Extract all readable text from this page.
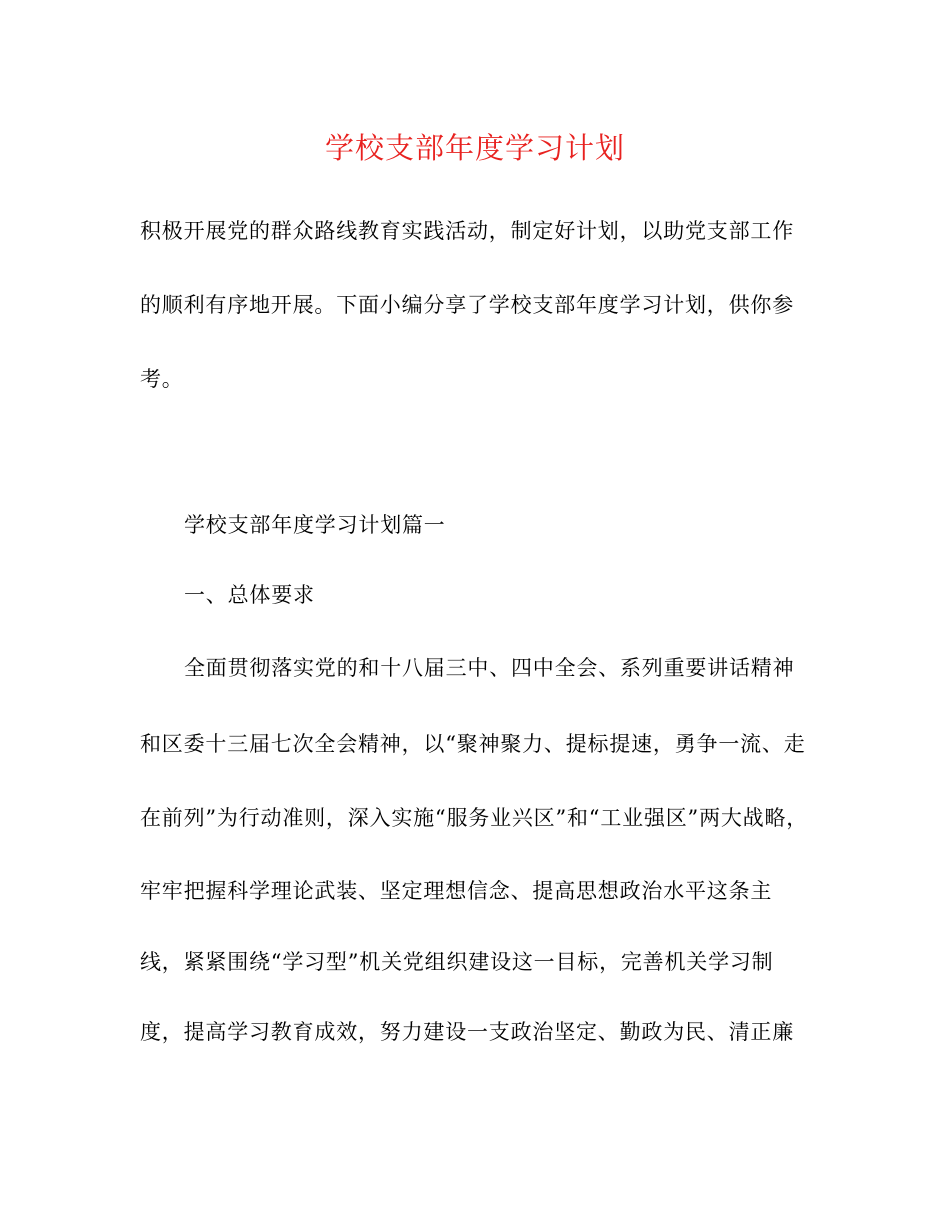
学校支部年度学习计划
积极开展党的群众路线教育实践活动，制定好计划，以助党支部工作
的顺利有序地开展。下面小编分享了学校支部年度学习计划，供你参
考。
学校支部年度学习计划篇一
一、总体要求
全面贯彻落实党的和十八届三中、四中全会、系列重要讲话精神
和区委十三届七次全会精神，以“聚神聚力、提标提速，勇争一流、走
在前列”为行动准则，深入实施“服务业兴区”和“工业强区”两大战略，
牢牢把握科学理论武装、坚定理想信念、提高思想政治水平这条主
线，紧紧围绕“学习型”机关党组织建设这一目标，完善机关学习制
度，提高学习教育成效，努力建设一支政治坚定、勤政为民、清正廉
